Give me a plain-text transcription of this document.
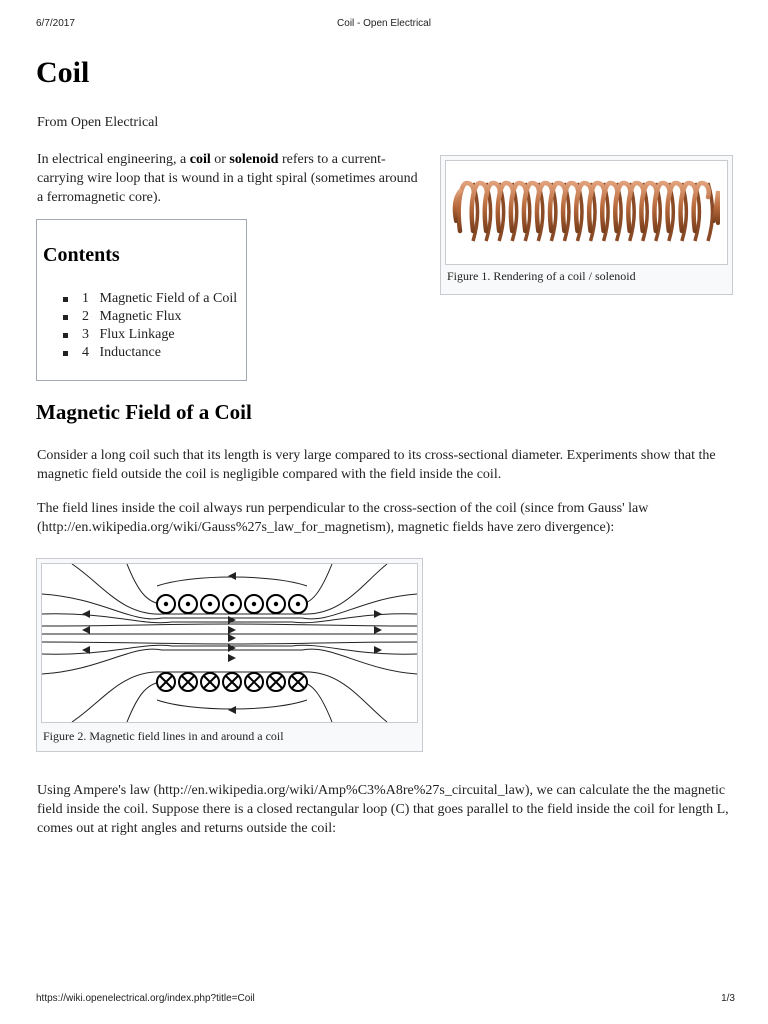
6/7/2017	Coil - Open Electrical
Coil
From Open Electrical

In electrical engineering, a coil or solenoid refers to a current-carrying wire loop that is wound in a tight spiral (sometimes around a ferromagnetic core).

Contents
1 Magnetic Field of a Coil
2 Magnetic Flux
3 Flux Linkage
4 Inductance
Figure 1. Rendering of a coil / solenoid
Magnetic Field of a Coil

Consider a long coil such that its length is very large compared to its cross-sectional diameter. Experiments show that the magnetic field outside the coil is negligible compared with the field inside the coil.

The field lines inside the coil always run perpendicular to the cross-section of the coil (since from Gauss' law (http://en.wikipedia.org/wiki/Gauss%27s_law_for_magnetism), magnetic fields have zero divergence):

Figure 2. Magnetic field lines in and around a coil

Using Ampere's law (http://en.wikipedia.org/wiki/Amp%C3%A8re%27s_circuital_law), we can calculate the the magnetic field inside the coil. Suppose there is a closed rectangular loop (C) that goes parallel to the field inside the coil for length L, comes out at right angles and returns outside the coil:

https://wiki.openelectrical.org/index.php?title=Coil	1/3
